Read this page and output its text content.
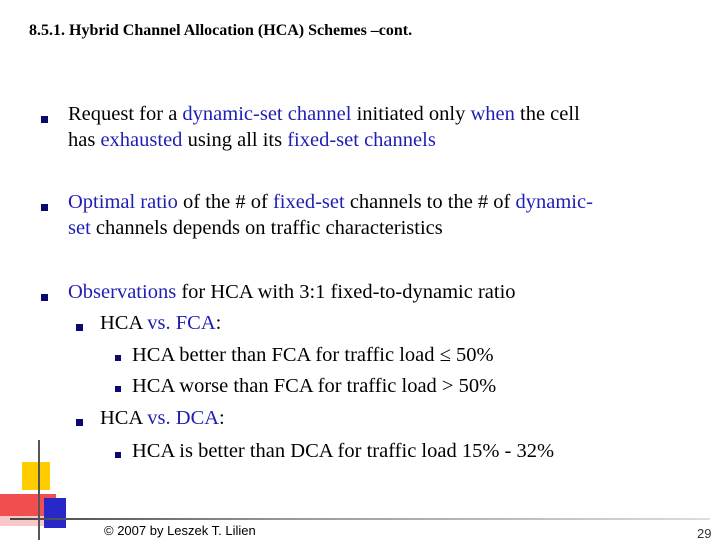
8.5.1. Hybrid Channel Allocation (HCA) Schemes –cont.
Request for a dynamic-set channel initiated only when the cell
has exhausted using all its fixed-set channels
Optimal ratio of the # of fixed-set channels to the # of dynamic-
set channels depends on traffic characteristics
Observations for HCA with 3:1 fixed-to-dynamic ratio
HCA vs. FCA:
HCA better than FCA for traffic load ≤ 50%
HCA worse than FCA for traffic load > 50%
HCA vs. DCA:
HCA is better than DCA for traffic load 15% - 32%
© 2007 by Leszek T. Lilien	29
